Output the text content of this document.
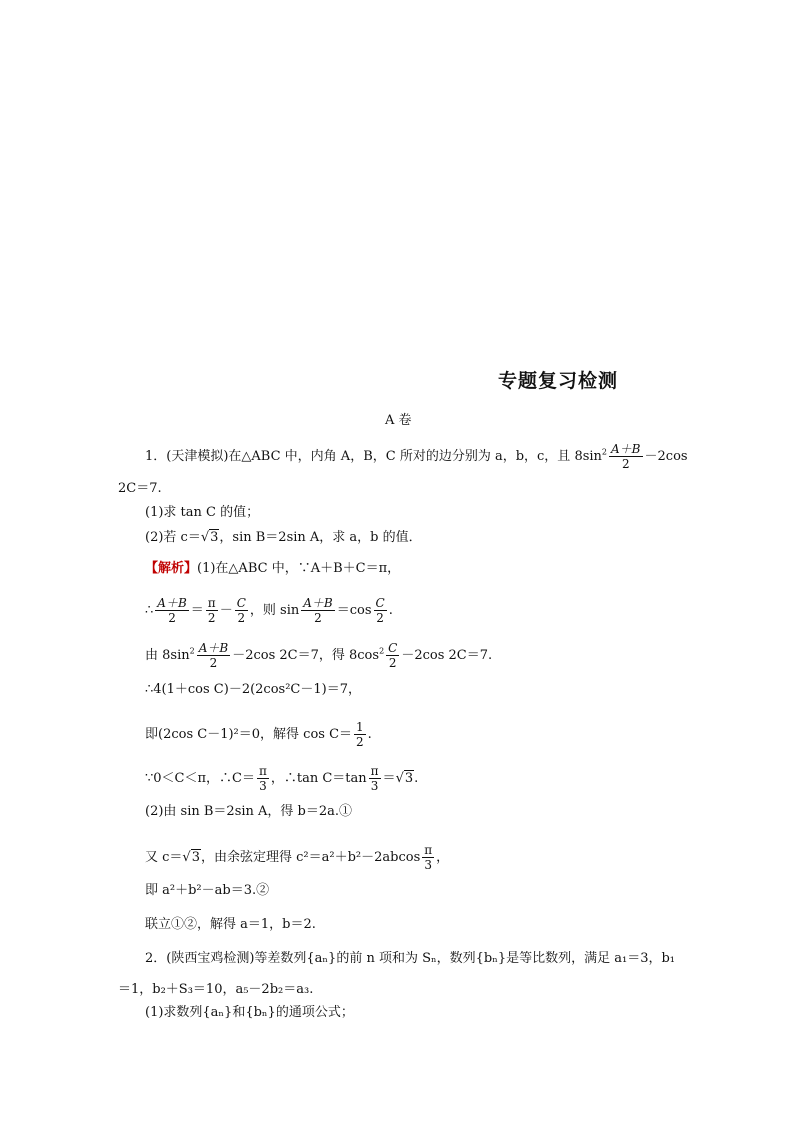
专题复习检测
A 卷
1．(天津模拟)在△ABC 中，内角 A，B，C 所对的边分别为 a，b，c，且 $8\sin^2 \frac{A+B}{2} -2\cos$
2C＝7.
(1)求 tan C 的值；
(2)若 c＝√3，sin B＝2sin A，求 a，b 的值．
【解析】(1)在△ABC 中，∵A＋B＋C＝π，
∴ $\frac{A+B}{2} = \frac{\pi}{2} - \frac{C}{2}$ ，则 $\sin \frac{A+B}{2} =\cos \frac{C}{2}$ .
由 $8\sin^2 \frac{A+B}{2} -2\cos$ 2C＝7，得 $8\cos^2 \frac{C}{2} -2\cos$ 2C＝7.
∴4(1＋cos C)－2(2cos²C－1)＝7，
即(2cos C－1)²＝0，解得 $\cos C= \frac{1}{2}$ .
∵0＜C＜π，∴C＝ $\frac{\pi}{3}$ ，∴tan $C=\tan \frac{\pi}{3} =√3$.
(2)由 sin B＝2sin A，得 b＝2a.①
又 c＝√3，由余弦定理得 $c^2=a^2+b^2-2abcos \frac{\pi}{3}$ ，
即 a²＋b²－ab＝3.②
联立①②，解得 a＝1，b＝2.
2．(陕西宝鸡检测)等差数列{aₙ}的前 n 项和为 Sₙ，数列{bₙ}是等比数列，满足 a₁＝3，b₁
＝1，b₂＋S₃＝10，a₅－2b₂＝a₃.
(1)求数列{aₙ}和{bₙ}的通项公式；
